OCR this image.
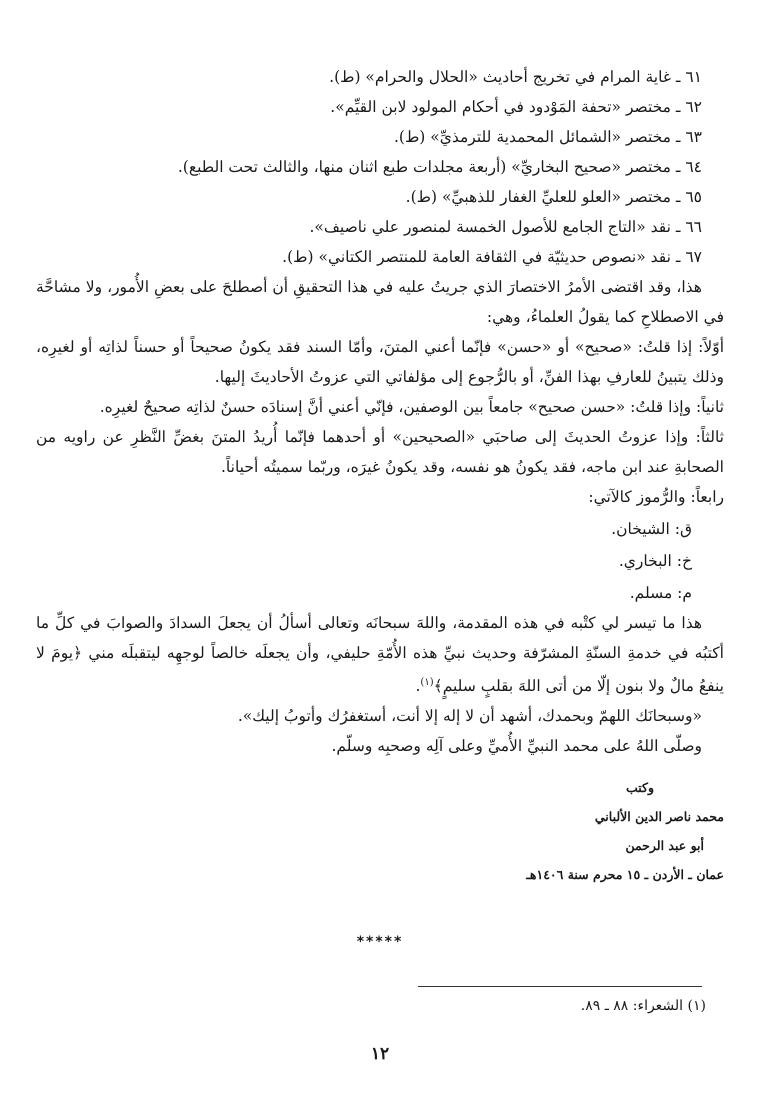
٦١ ـ غاية المرام في تخريج أحاديث «الحلال والحرام» (ط).
٦٢ ـ مختصر «تحفة المَوْدود في أحكام المولود لابن القيِّم».
٦٣ ـ مختصر «الشمائل المحمدية للترمذيِّ» (ط).
٦٤ ـ مختصر «صحيح البخاريِّ» (أربعة مجلدات طبع اثنان منها، والثالث تحت الطبع).
٦٥ ـ مختصر «العلو للعليِّ الغفار للذهبيِّ» (ط).
٦٦ ـ نقد «التاج الجامع للأصول الخمسة لمنصور علي ناصيف».
٦٧ ـ نقد «نصوص حديثيّة في الثقافة العامة للمنتصر الكتاني» (ط).
هذا، وقد اقتضى الأمرُ الاختصارَ الذي جريتُ عليه في هذا التحقيقِ أن أصطلحَ على بعضِ الأُمور، ولا مشاحَّة في الاصطلاحِ كما يقولُ العلماءُ، وهي:
أوّلاً: إذا قلتُ: «صحيح» أو «حسن» فإنّما أعني المتنَ، وأمّا السند فقد يكونُ صحيحاً أو حسناً لذاتِه أو لغيرِه، وذلك يتبينُ للعارفِ بهذا الفنِّ، أو بالرُّجوع إلى مؤلفاتي التي عزوتُ الأحاديثَ إليها.
ثانياً: وإذا قلتُ: «حسن صحيح» جامعاً بين الوصفين، فإنّي أعني أنَّ إسنادَه حسنٌ لذاتِه صحيحٌ لغيرِه.
ثالثاً: وإذا عزوتُ الحديثَ إلى صاحبَي «الصحيحين» أو أحدهما فإنّما أُريدُ المتنَ بغضِّ النَّظرِ عن راويه من الصحابةِ عند ابن ماجه، فقد يكونُ هو نفسه، وقد يكونُ غيرَه، وربّما سميتُه أحياناً.
رابعاً: والرُّموز كالآتي:
ق: الشيخان.
خ: البخاري.
م: مسلم.
هذا ما تيسر لي كتْبه في هذه المقدمة، واللهَ سبحانَه وتعالى أسألُ أن يجعلَ السدادَ والصوابَ في كلِّ ما أكتبُه في خدمةِ السنّةِ المشرّفة وحديث نبيِّ هذه الأُمّةِ حليفي، وأن يجعلَه خالصاً لوجهِه ليتقبلَه مني ﴿يومَ لا ينفعُ مالٌ ولا بنون إلّا من أتى اللهَ بقلبٍ سليمٍ﴾$^{(١)}$.
«وسبحانَك اللهمّ وبحمدك، أشهد أن لا إله إلا أنت، أستغفرُك وأتوبُ إليك».
وصلّى اللهُ على محمد النبيِّ الأُميِّ وعلى آلِه وصحبِه وسلّم.
وكتب
محمد ناصر الدين الألباني
أبو عبد الرحمن
عمان ـ الأردن ـ ١٥ محرم سنة ١٤٠٦هـ
*****
(١) الشعراء: ٨٨ ـ ٨٩.
١٢
